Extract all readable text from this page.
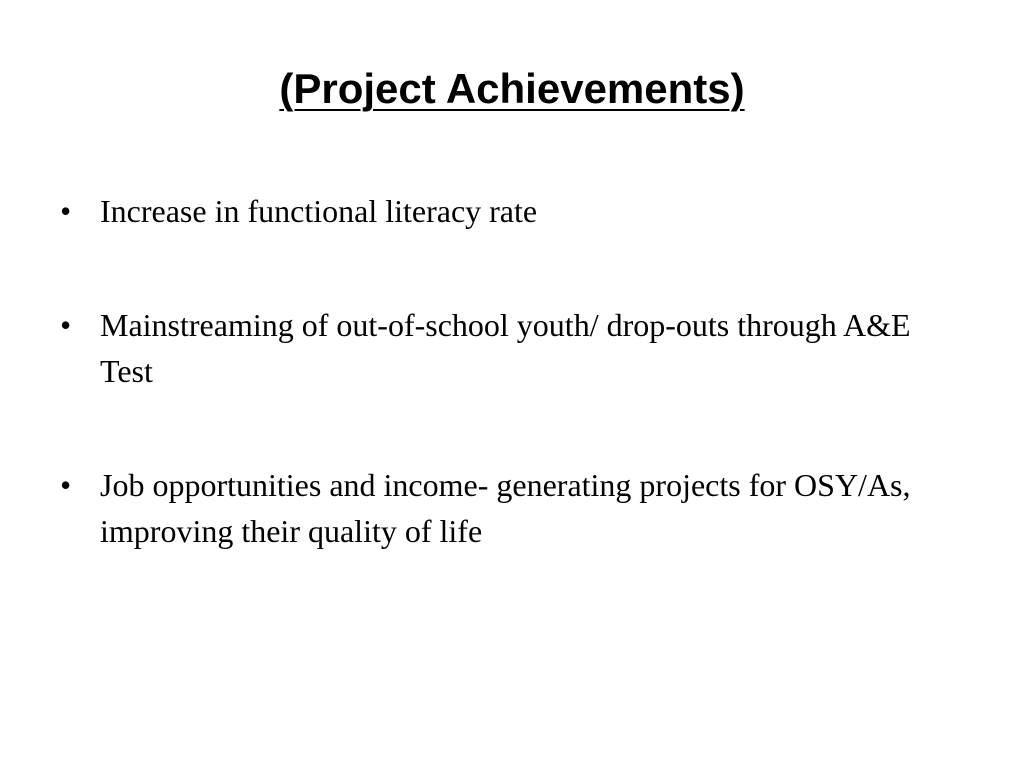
(Project Achievements)
• Increase in functional literacy rate
• Mainstreaming of out-of-school youth/ drop-outs through A&E Test
• Job opportunities and income- generating projects for OSY/As, improving their quality of life
